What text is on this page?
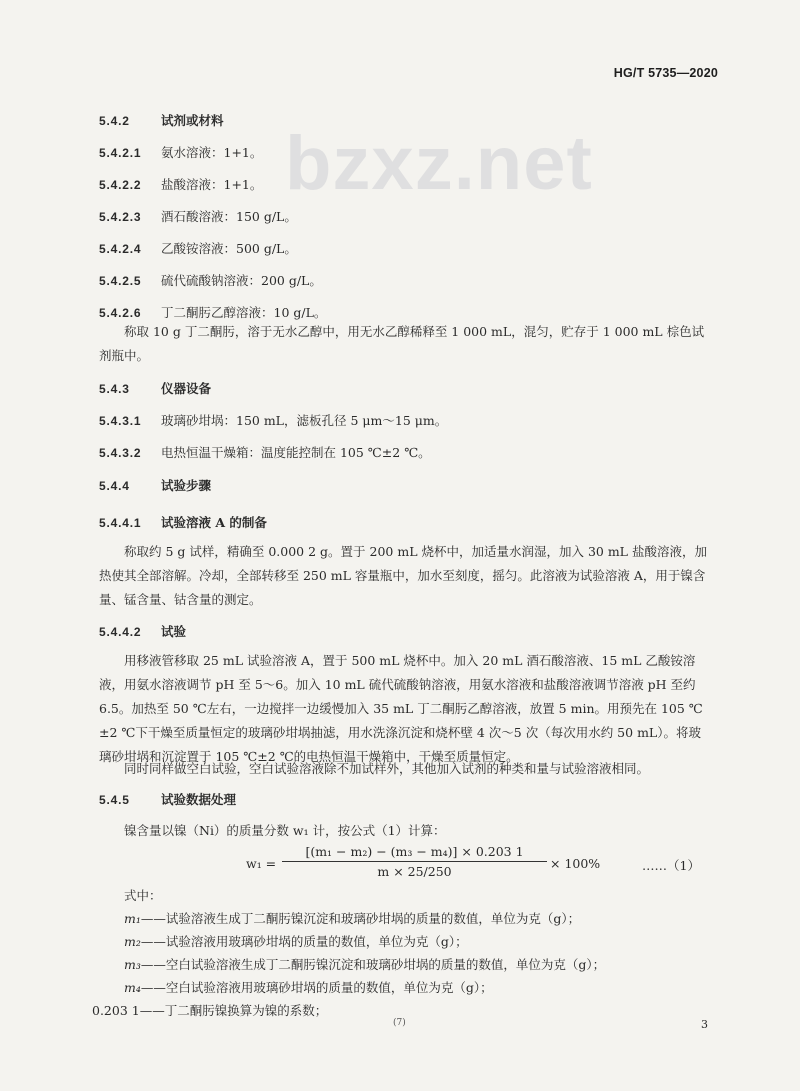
HG/T 5735—2020
bzxz.net
5.4.2	试剂或材料
5.4.2.1 氨水溶液：1+1。
5.4.2.2 盐酸溶液：1+1。
5.4.2.3 酒石酸溶液：150 g/L。
5.4.2.4 乙酸铵溶液：500 g/L。
5.4.2.5 硫代硫酸钠溶液：200 g/L。
5.4.2.6 丁二酮肟乙醇溶液：10 g/L。
称取 10 g 丁二酮肟，溶于无水乙醇中，用无水乙醇稀释至 1 000 mL，混匀，贮存于 1 000 mL 棕色试剂瓶中。
5.4.3	仪器设备
5.4.3.1 玻璃砂坩埚：150 mL，滤板孔径 5 μm～15 μm。
5.4.3.2 电热恒温干燥箱：温度能控制在 105 ℃±2 ℃。
5.4.4	试验步骤
5.4.4.1 试验溶液 A 的制备
称取约 5 g 试样，精确至 0.000 2 g。置于 200 mL 烧杯中，加适量水润湿，加入 30 mL 盐酸溶液，加热使其全部溶解。冷却，全部转移至 250 mL 容量瓶中，加水至刻度，摇匀。此溶液为试验溶液 A，用于镍含量、锰含量、钴含量的测定。
5.4.4.2 试验
用移液管移取 25 mL 试验溶液 A，置于 500 mL 烧杯中。加入 20 mL 酒石酸溶液、15 mL 乙酸铵溶液，用氨水溶液调节 pH 至 5～6。加入 10 mL 硫代硫酸钠溶液，用氨水溶液和盐酸溶液调节溶液 pH 至约 6.5。加热至 50 ℃左右，一边搅拌一边缓慢加入 35 mL 丁二酮肟乙醇溶液，放置 5 min。用预先在 105 ℃±2 ℃下干燥至质量恒定的玻璃砂坩埚抽滤，用水洗涤沉淀和烧杯壁 4 次～5 次（每次用水约 50 mL）。将玻璃砂坩埚和沉淀置于 105 ℃±2 ℃的电热恒温干燥箱中，干燥至质量恒定。
同时同样做空白试验，空白试验溶液除不加试样外，其他加入试剂的种类和量与试验溶液相同。
5.4.5	试验数据处理
镍含量以镍（Ni）的质量分数 w₁ 计，按公式（1）计算：
$w_1 = \frac{\text{[(m₁ − m₂) − (m₃ − m₄)] × 0.203 1}}{m \times 25/250} \times 100\%$	……（1）
式中：
m₁——试验溶液生成丁二酮肟镍沉淀和玻璃砂坩埚的质量的数值，单位为克（g）；
m₂——试验溶液用玻璃砂坩埚的质量的数值，单位为克（g）；
m₃——空白试验溶液生成丁二酮肟镍沉淀和玻璃砂坩埚的质量的数值，单位为克（g）；
m₄——空白试验溶液用玻璃砂坩埚的质量的数值，单位为克（g）；
0.203 1——丁二酮肟镍换算为镍的系数；
(7)	3
